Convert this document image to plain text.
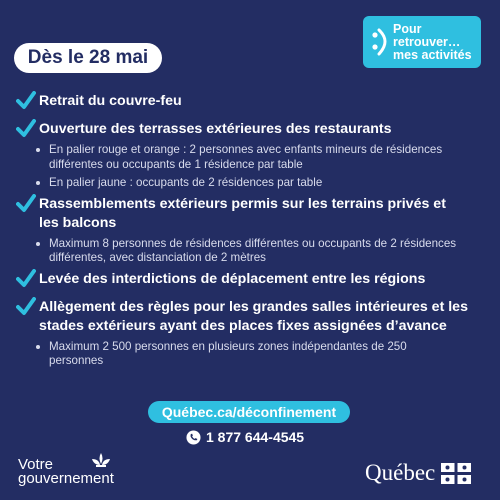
Pour
retrouver…
mes activités
Dès le 28 mai
Retrait du couvre-feu
Ouverture des terrasses extérieures des restaurants
En palier rouge et orange : 2 personnes avec enfants mineurs de résidences différentes ou occupants de 1 résidence par table
En palier jaune : occupants de 2 résidences par table
Rassemblements extérieurs permis sur les terrains privés et les balcons
Maximum 8 personnes de résidences différentes ou occupants de 2 résidences différentes, avec distanciation de 2 mètres
Levée des interdictions de déplacement entre les régions
Allègement des règles pour les grandes salles intérieures et les stades extérieurs ayant des places fixes assignées d’avance
Maximum 2 500 personnes en plusieurs zones indépendantes de 250 personnes
Québec.ca/déconfinement
1 877 644-4545
Votre
gouvernement	Québec
